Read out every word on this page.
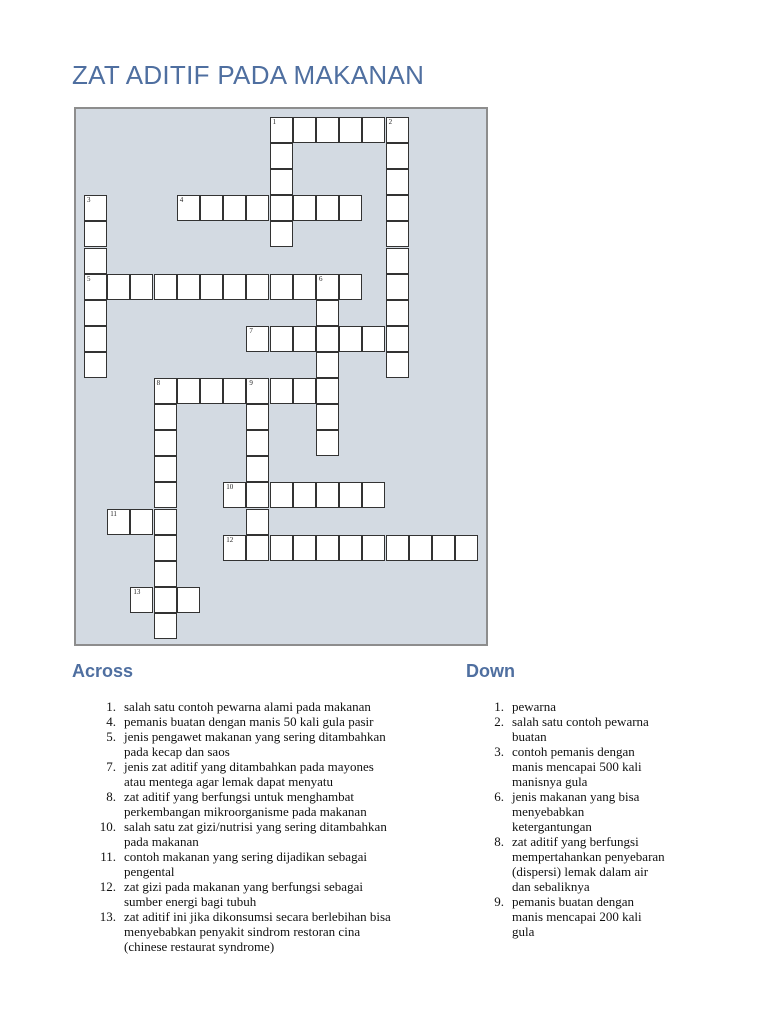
ZAT ADITIF PADA MAKANAN
1	2
3
5
4
6
7
8	9
10
11
12
13
Across	Down
1. salah satu contoh pewarna alami pada makanan
4. pemanis buatan dengan manis 50 kali gula pasir
5. jenis pengawet makanan yang sering ditambahkan
pada kecap dan saos
7. jenis zat aditif yang ditambahkan pada mayones
atau mentega agar lemak dapat menyatu
8. zat aditif yang berfungsi untuk menghambat
perkembangan mikroorganisme pada makanan
10. salah satu zat gizi/nutrisi yang sering ditambahkan
pada makanan
11. contoh makanan yang sering dijadikan sebagai
pengental
12. zat gizi pada makanan yang berfungsi sebagai
sumber energi bagi tubuh
13. zat aditif ini jika dikonsumsi secara berlebihan bisa
menyebabkan penyakit sindrom restoran cina
(chinese restaurat syndrome)
1. pewarna
2. salah satu contoh pewarna
buatan
3. contoh pemanis dengan
manis mencapai 500 kali
manisnya gula
6. jenis makanan yang bisa
menyebabkan
ketergantungan
8. zat aditif yang berfungsi
mempertahankan penyebaran
(dispersi) lemak dalam air
dan sebaliknya
9. pemanis buatan dengan
manis mencapai 200 kali
gula
